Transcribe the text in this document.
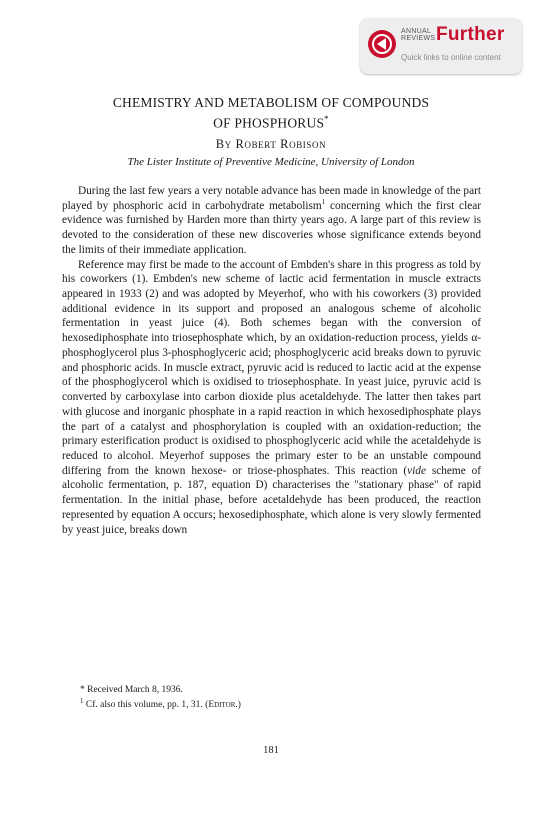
ANNUAL
REVIEWS Further
Quick links to online content
CHEMISTRY AND METABOLISM OF COMPOUNDS
OF PHOSPHORUS*
By Robert Robison
The Lister Institute of Preventive Medicine, University of London

During the last few years a very notable advance has been made in knowledge of the part played by phosphoric acid in carbohydrate metabolism$^1$ concerning which the first clear evidence was furnished by Harden more than thirty years ago. A large part of this review is devoted to the consideration of these new discoveries whose significance extends beyond the limits of their immediate application.

Reference may first be made to the account of Embden's share in this progress as told by his coworkers (1). Embden's new scheme of lactic acid fermentation in muscle extracts appeared in 1933 (2) and was adopted by Meyerhof, who with his coworkers (3) provided additional evidence in its support and proposed an analogous scheme of alcoholic fermentation in yeast juice (4). Both schemes began with the conversion of hexosediphosphate into triosephosphate which, by an oxidation-reduction process, yields α-phosphoglycerol plus 3-phosphoglyceric acid; phosphoglyceric acid breaks down to pyruvic and phosphoric acids. In muscle extract, pyruvic acid is reduced to lactic acid at the expense of the phosphoglycerol which is oxidised to triosephosphate. In yeast juice, pyruvic acid is converted by carboxylase into carbon dioxide plus acetaldehyde. The latter then takes part with glucose and inorganic phosphate in a rapid reaction in which hexosediphosphate plays the part of a catalyst and phosphorylation is coupled with an oxidation-reduction; the primary esterification product is oxidised to phosphoglyceric acid while the acetaldehyde is reduced to alcohol. Meyerhof supposes the primary ester to be an unstable compound differing from the known hexose- or triose-phosphates. This reaction (vide scheme of alcoholic fermentation, p. 187, equation D) characterises the "stationary phase" of rapid fermentation. In the initial phase, before acetaldehyde has been produced, the reaction represented by equation A occurs; hexosediphosphate, which alone is very slowly fermented by yeast juice, breaks down

* Received March 8, 1936.
$^1$ Cf. also this volume, pp. 1, 31. (Editor.)
181
